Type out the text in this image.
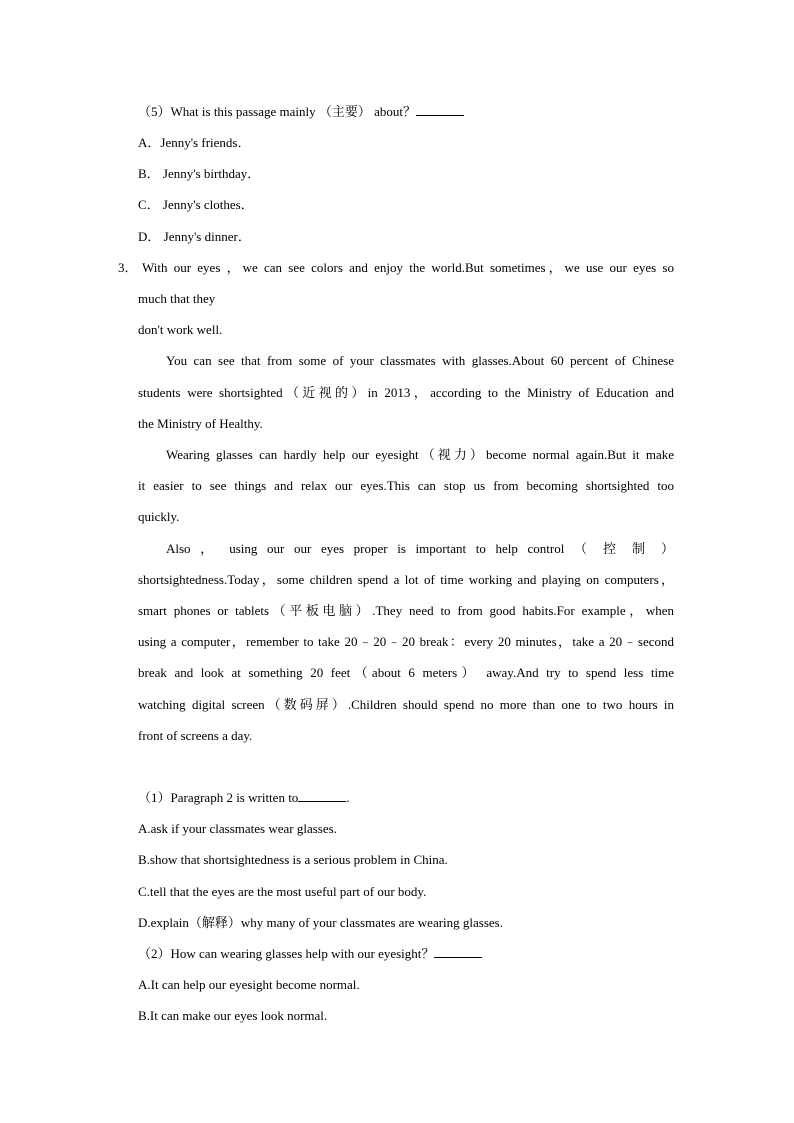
（5）What is this passage mainly （主要） about？
A．Jenny's friends．
B． Jenny's birthday．
C． Jenny's clothes．
D． Jenny's dinner．
3． With our eyes ，we can see colors and enjoy the world.But sometimes，we use our eyes so
much that they
don't work well.
You can see that from some of your classmates with glasses.About 60 percent of Chinese
students were shortsighted（近视的）in 2013，according to the Ministry of Education and
the Ministry of Healthy.
Wearing glasses can hardly help our eyesight（视力）become normal again.But it make
it easier to see things and relax our eyes.This can stop us from becoming shortsighted too
quickly.
Also ， using our our eyes proper is important to help control （ 控 制 ）
shortsightedness.Today，some children spend a lot of time working and playing on computers，
smart phones or tablets（平板电脑）.They need to from good habits.For example，when
using a computer，remember to take 20﹣20﹣20 break：every 20 minutes，take a 20﹣second
break and look at something 20 feet（about 6 meters） away.And try to spend less time
watching digital screen（数码屏）.Children should spend no more than one to two hours in
front of screens a day.
（1）Paragraph 2 is written to	.
A.ask if your classmates wear glasses.
B.show that shortsightedness is a serious problem in China.
C.tell that the eyes are the most useful part of our body.
D.explain（解释）why many of your classmates are wearing glasses.
（2）How can wearing glasses help with our eyesight？
A.It can help our eyesight become normal.
B.It can make our eyes look normal.
